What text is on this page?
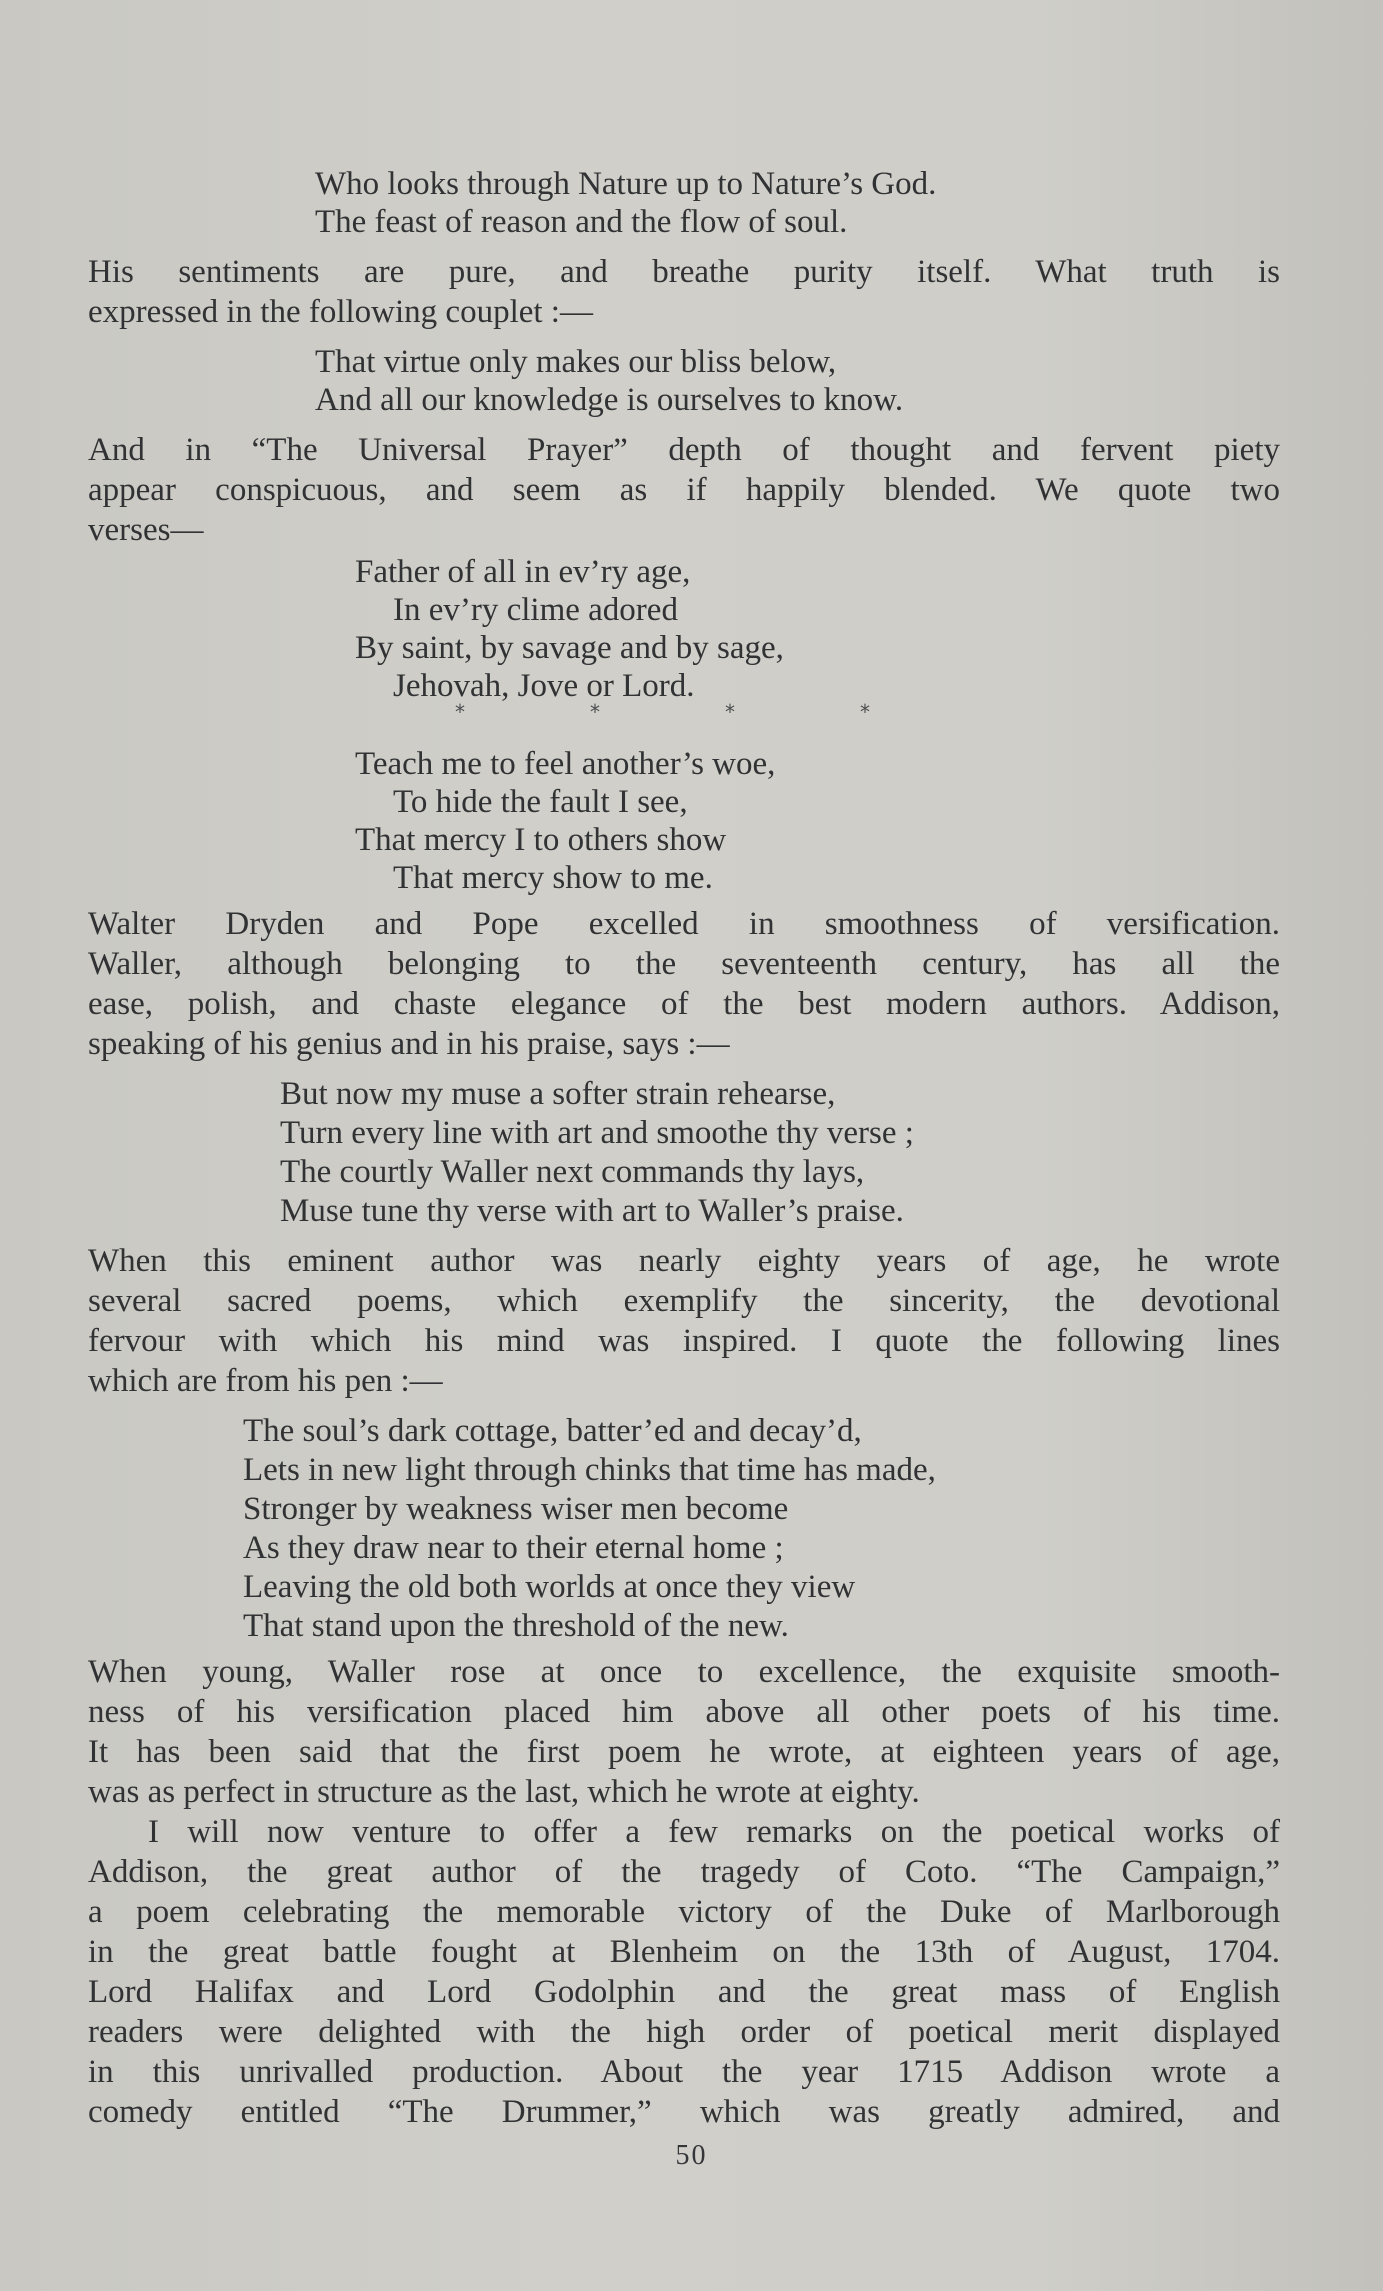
Who looks through Nature up to Nature’s God.
The feast of reason and the flow of soul.
His sentiments are pure, and breathe purity itself. What truth is
expressed in the following couplet :—
That virtue only makes our bliss below,
And all our knowledge is ourselves to know.
And in “The Universal Prayer” depth of thought and fervent piety
appear conspicuous, and seem as if happily blended. We quote two
verses—
Father of all in ev’ry age,
In ev’ry clime adored
By saint, by savage and by sage,
Jehovah, Jove or Lord.
*	*	*	*
Teach me to feel another’s woe,
To hide the fault I see,
That mercy I to others show
That mercy show to me.
Walter Dryden and Pope excelled in smoothness of versification.
Waller, although belonging to the seventeenth century, has all the
ease, polish, and chaste elegance of the best modern authors. Addison,
speaking of his genius and in his praise, says :—
But now my muse a softer strain rehearse,
Turn every line with art and smoothe thy verse ;
The courtly Waller next commands thy lays,
Muse tune thy verse with art to Waller’s praise.
When this eminent author was nearly eighty years of age, he wrote
several sacred poems, which exemplify the sincerity, the devotional
fervour with which his mind was inspired. I quote the following lines
which are from his pen :—
The soul’s dark cottage, batter’ed and decay’d,
Lets in new light through chinks that time has made,
Stronger by weakness wiser men become
As they draw near to their eternal home ;
Leaving the old both worlds at once they view
That stand upon the threshold of the new.
When young, Waller rose at once to excellence, the exquisite smooth-
ness of his versification placed him above all other poets of his time.
It has been said that the first poem he wrote, at eighteen years of age,
was as perfect in structure as the last, which he wrote at eighty.
I will now venture to offer a few remarks on the poetical works of
Addison, the great author of the tragedy of Coto. “The Campaign,”
a poem celebrating the memorable victory of the Duke of Marlborough
in the great battle fought at Blenheim on the 13th of August, 1704.
Lord Halifax and Lord Godolphin and the great mass of English
readers were delighted with the high order of poetical merit displayed
in this unrivalled production. About the year 1715 Addison wrote a
comedy entitled “The Drummer,” which was greatly admired, and
50
